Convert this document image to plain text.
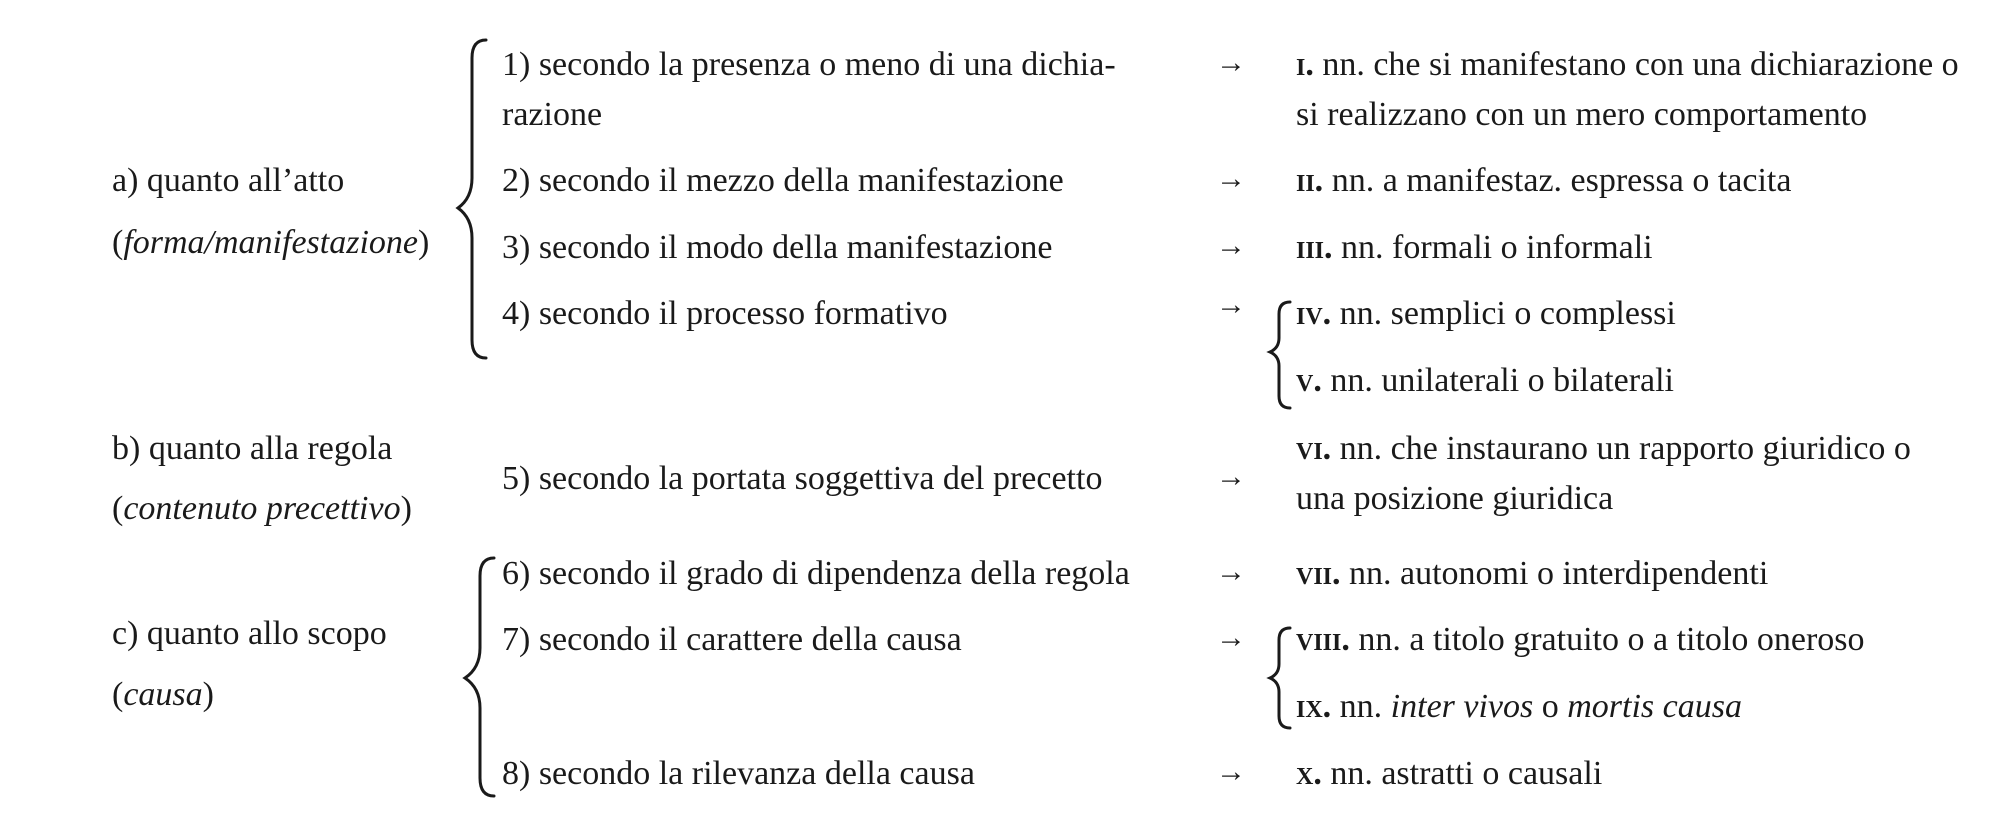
a) quanto all’atto
(forma/manifestazione)
b) quanto alla regola
(contenuto precettivo)
c) quanto allo scopo
(causa)
1) secondo la presenza o meno di una dichia-
razione
2) secondo il mezzo della manifestazione
3) secondo il modo della manifestazione
4) secondo il processo formativo
5) secondo la portata soggettiva del precetto
6) secondo il grado di dipendenza della regola
7) secondo il carattere della causa
8) secondo la rilevanza della causa
→
→
→
→
→
→
→
→
i. nn. che si manifestano con una dichiarazione o
si realizzano con un mero comportamento
ii. nn. a manifestaz. espressa o tacita
iii. nn. formali o informali
iv. nn. semplici o complessi
v. nn. unilaterali o bilaterali
vi. nn. che instaurano un rapporto giuridico o
una posizione giuridica
vii. nn. autonomi o interdipendenti
viii. nn. a titolo gratuito o a titolo oneroso
ix. nn. inter vivos o mortis causa
x. nn. astratti o causali
